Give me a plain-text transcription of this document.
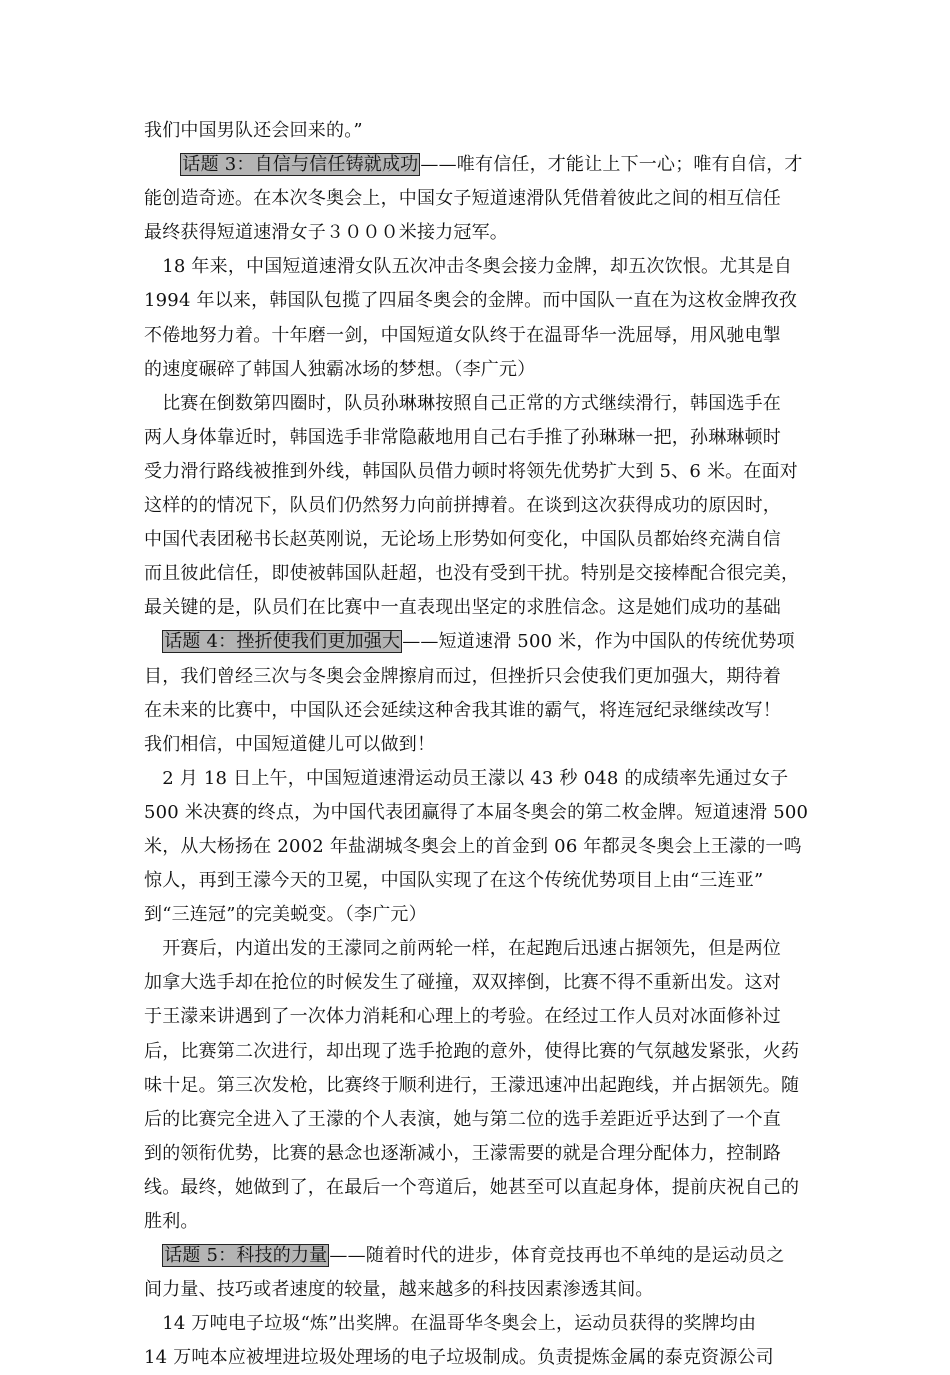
我们中国男队还会回来的。”
　　话题 3：自信与信任铸就成功 ——唯有信任，才能让上下一心；唯有自信，才
能创造奇迹。在本次冬奥会上，中国女子短道速滑队凭借着彼此之间的相互信任
最终获得短道速滑女子３０００米接力冠军。
　18 年来，中国短道速滑女队五次冲击冬奥会接力金牌，却五次饮恨。尤其是自
1994 年以来，韩国队包揽了四届冬奥会的金牌。而中国队一直在为这枚金牌孜孜
不倦地努力着。十年磨一剑，中国短道女队终于在温哥华一洗屈辱，用风驰电掣
的速度碾碎了韩国人独霸冰场的梦想。（李广元）
　比赛在倒数第四圈时，队员孙琳琳按照自己正常的方式继续滑行，韩国选手在
两人身体靠近时，韩国选手非常隐蔽地用自己右手推了孙琳琳一把，孙琳琳顿时
受力滑行路线被推到外线，韩国队员借力顿时将领先优势扩大到 5、6 米。在面对
这样的的情况下，队员们仍然努力向前拼搏着。在谈到这次获得成功的原因时，
中国代表团秘书长赵英刚说，无论场上形势如何变化，中国队员都始终充满自信
而且彼此信任，即使被韩国队赶超，也没有受到干扰。特别是交接棒配合很完美，
最关键的是，队员们在比赛中一直表现出坚定的求胜信念。这是她们成功的基础
　话题 4：挫折使我们更加强大 ——短道速滑 500 米，作为中国队的传统优势项
目，我们曾经三次与冬奥会金牌擦肩而过，但挫折只会使我们更加强大，期待着
在未来的比赛中，中国队还会延续这种舍我其谁的霸气，将连冠纪录继续改写！
我们相信，中国短道健儿可以做到！
　2 月 18 日上午，中国短道速滑运动员王濛以 43 秒 048 的成绩率先通过女子
500 米决赛的终点，为中国代表团赢得了本届冬奥会的第二枚金牌。短道速滑 500
米，从大杨扬在 2002 年盐湖城冬奥会上的首金到 06 年都灵冬奥会上王濛的一鸣
惊人，再到王濛今天的卫冕，中国队实现了在这个传统优势项目上由“三连亚”
到“三连冠”的完美蜕变。（李广元）
　开赛后，内道出发的王濛同之前两轮一样，在起跑后迅速占据领先，但是两位
加拿大选手却在抢位的时候发生了碰撞，双双摔倒，比赛不得不重新出发。这对
于王濛来讲遇到了一次体力消耗和心理上的考验。在经过工作人员对冰面修补过
后，比赛第二次进行，却出现了选手抢跑的意外，使得比赛的气氛越发紧张，火药
味十足。第三次发枪，比赛终于顺利进行，王濛迅速冲出起跑线，并占据领先。随
后的比赛完全进入了王濛的个人表演，她与第二位的选手差距近乎达到了一个直
到的领衔优势，比赛的悬念也逐渐减小，王濛需要的就是合理分配体力，控制路
线。最终，她做到了，在最后一个弯道后，她甚至可以直起身体，提前庆祝自己的
胜利。
　话题 5：科技的力量 ——随着时代的进步，体育竞技再也不单纯的是运动员之
间力量、技巧或者速度的较量，越来越多的科技因素渗透其间。
　14 万吨电子垃圾“炼”出奖牌。在温哥华冬奥会上，运动员获得的奖牌均由
14 万吨本应被埋进垃圾处理场的电子垃圾制成。负责提炼金属的泰克资源公司
